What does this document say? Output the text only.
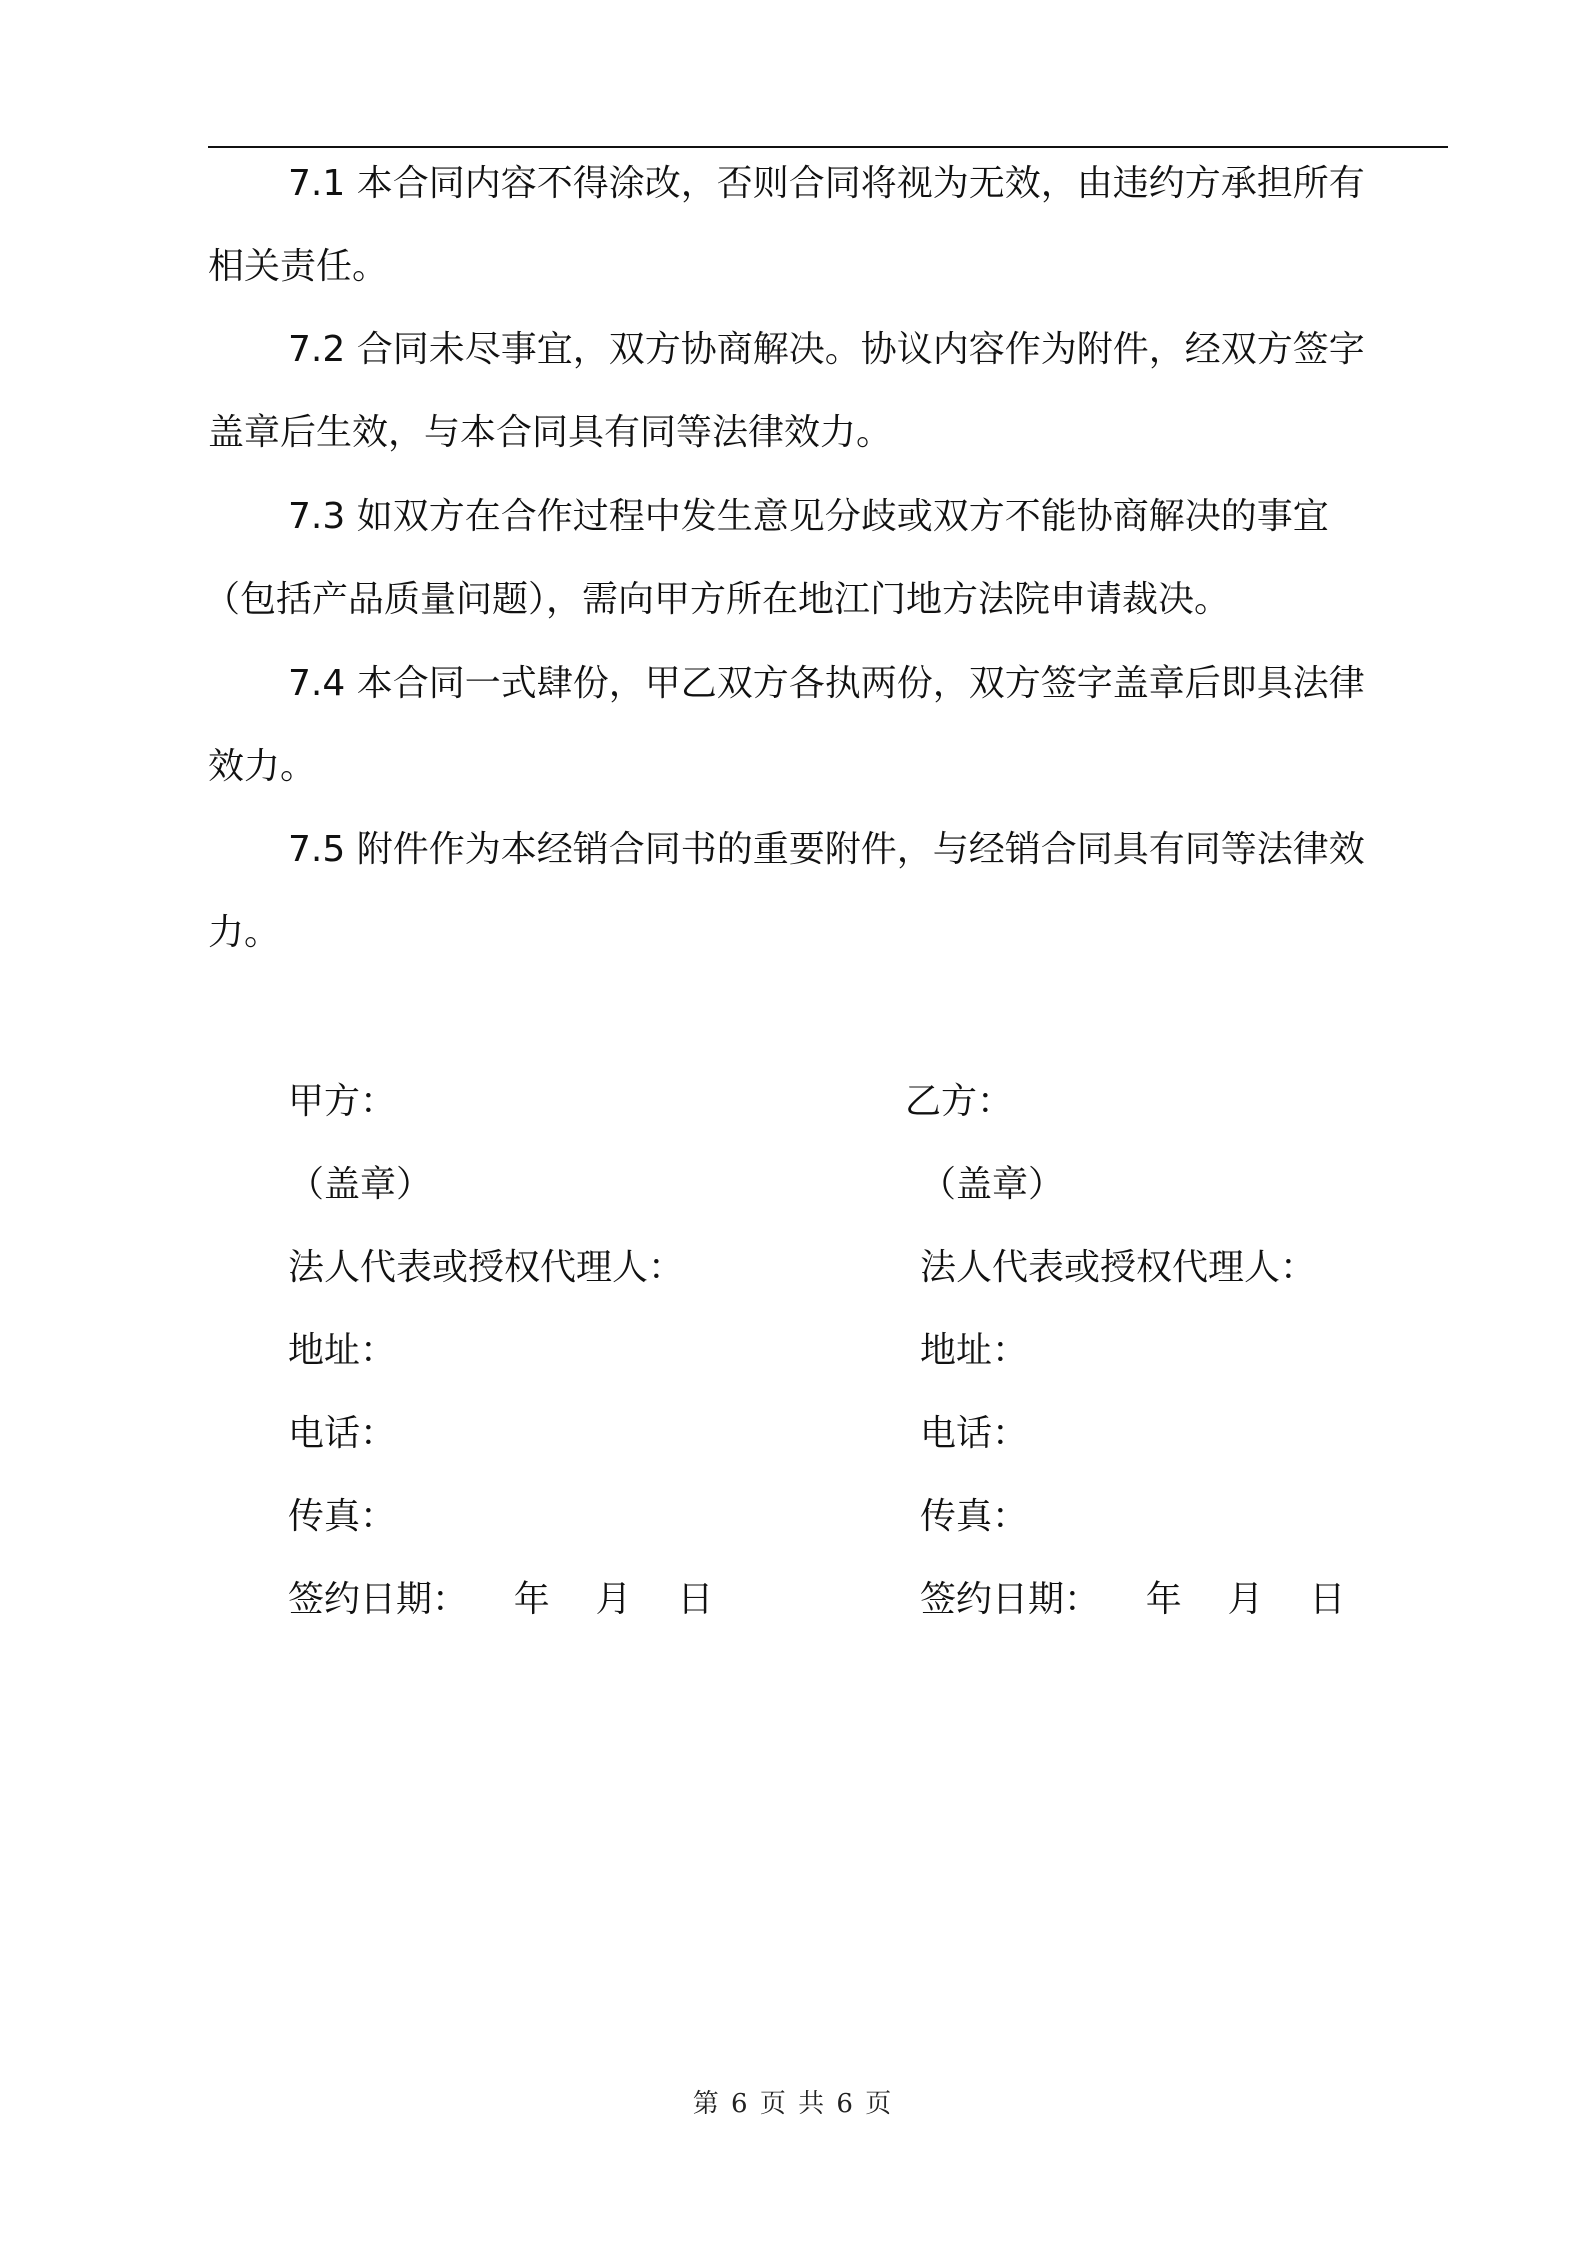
7.1 本合同内容不得涂改，否则合同将视为无效，由违约方承担所有
相关责任。

7.2 合同未尽事宜，双方协商解决。协议内容作为附件，经双方签字
盖章后生效，与本合同具有同等法律效力。

7.3 如双方在合作过程中发生意见分歧或双方不能协商解决的事宜
（包括产品质量问题），需向甲方所在地江门地方法院申请裁决。

7.4 本合同一式肆份，甲乙双方各执两份，双方签字盖章后即具法律
效力。

7.5 附件作为本经销合同书的重要附件，与经销合同具有同等法律效
力。

甲方：
（盖章）
法人代表或授权代理人：
地址：
电话：
传真：
签约日期：    年    月    日
乙方：
（盖章）
法人代表或授权代理人：
地址：
电话：
传真：
签约日期：    年    月    日
第 6 页 共 6 页
